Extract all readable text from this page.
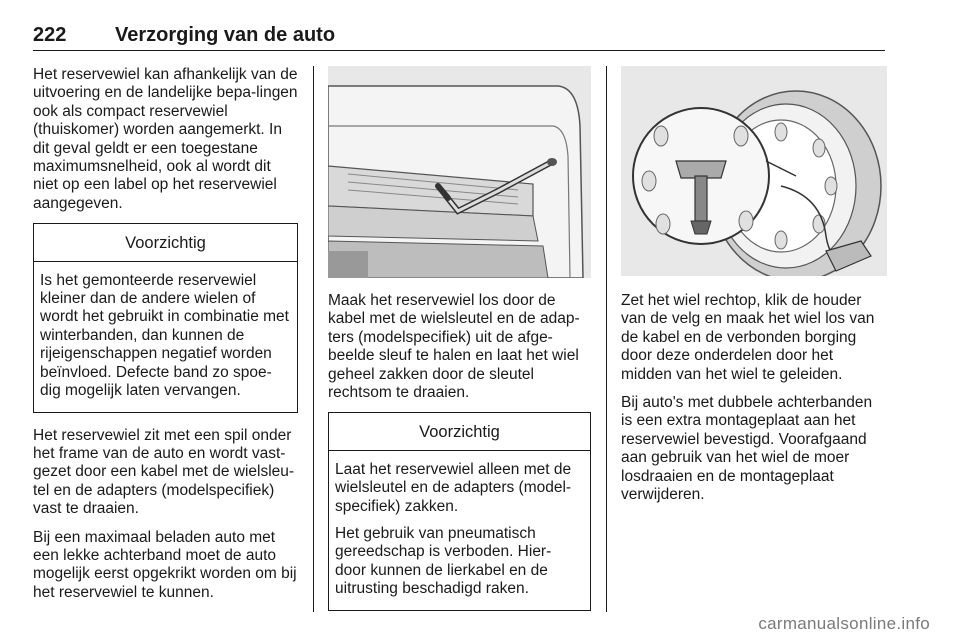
222 Verzorging van de auto

Het reservewiel kan afhankelijk van de uitvoering en de landelijke bepa-lingen ook als compact reservewiel (thuiskomer) worden aangemerkt. In dit geval geldt er een toegestane maximumsnelheid, ook al wordt dit niet op een label op het reservewiel aangegeven.

Voorzichtig

Is het gemonteerde reservewiel kleiner dan de andere wielen of wordt het gebruikt in combinatie met winterbanden, dan kunnen de rijeigenschappen negatief worden beïnvloed. Defecte band zo spoe-dig mogelijk laten vervangen.

Het reservewiel zit met een spil onder het frame van de auto en wordt vast-gezet door een kabel met de wielsleu-tel en de adapters (modelspecifiek) vast te draaien.

Bij een maximaal beladen auto met een lekke achterband moet de auto mogelijk eerst opgekrikt worden om bij het reservewiel te kunnen.

Maak het reservewiel los door de kabel met de wielsleutel en de adap-ters (modelspecifiek) uit de afge-beelde sleuf te halen en laat het wiel geheel zakken door de sleutel rechtsom te draaien.

Voorzichtig

Laat het reservewiel alleen met de wielsleutel en de adapters (model-specifiek) zakken.

Het gebruik van pneumatisch gereedschap is verboden. Hier-door kunnen de lierkabel en de uitrusting beschadigd raken.

Zet het wiel rechtop, klik de houder van de velg en maak het wiel los van de kabel en de verbonden borging door deze onderdelen door het midden van het wiel te geleiden.

Bij auto's met dubbele achterbanden is een extra montageplaat aan het reservewiel bevestigd. Voorafgaand aan gebruik van het wiel de moer losdraaien en de montageplaat verwijderen.

carmanualsonline.info
